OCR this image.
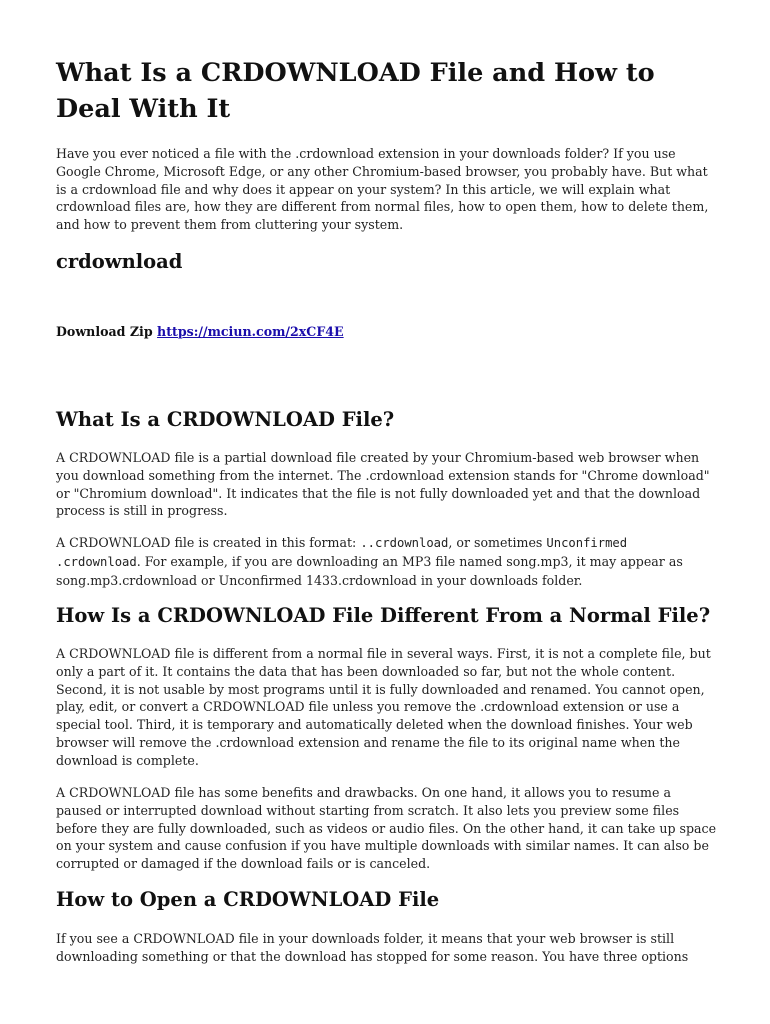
What Is a CRDOWNLOAD File and How to Deal With It

Have you ever noticed a file with the .crdownload extension in your downloads folder? If you use Google Chrome, Microsoft Edge, or any other Chromium-based browser, you probably have. But what is a crdownload file and why does it appear on your system? In this article, we will explain what crdownload files are, how they are different from normal files, how to open them, how to delete them, and how to prevent them from cluttering your system.

crdownload
Download Zip https://mciun.com/2xCF4E
What Is a CRDOWNLOAD File?

A CRDOWNLOAD file is a partial download file created by your Chromium-based web browser when you download something from the internet. The .crdownload extension stands for "Chrome download" or "Chromium download". It indicates that the file is not fully downloaded yet and that the download process is still in progress.

A CRDOWNLOAD file is created in this format: ..crdownload, or sometimes Unconfirmed .crdownload. For example, if you are downloading an MP3 file named song.mp3, it may appear as song.mp3.crdownload or Unconfirmed 1433.crdownload in your downloads folder.

How Is a CRDOWNLOAD File Different From a Normal File?

A CRDOWNLOAD file is different from a normal file in several ways. First, it is not a complete file, but only a part of it. It contains the data that has been downloaded so far, but not the whole content. Second, it is not usable by most programs until it is fully downloaded and renamed. You cannot open, play, edit, or convert a CRDOWNLOAD file unless you remove the .crdownload extension or use a special tool. Third, it is temporary and automatically deleted when the download finishes. Your web browser will remove the .crdownload extension and rename the file to its original name when the download is complete.

A CRDOWNLOAD file has some benefits and drawbacks. On one hand, it allows you to resume a paused or interrupted download without starting from scratch. It also lets you preview some files before they are fully downloaded, such as videos or audio files. On the other hand, it can take up space on your system and cause confusion if you have multiple downloads with similar names. It can also be corrupted or damaged if the download fails or is canceled.

How to Open a CRDOWNLOAD File

If you see a CRDOWNLOAD file in your downloads folder, it means that your web browser is still downloading something or that the download has stopped for some reason. You have three options
